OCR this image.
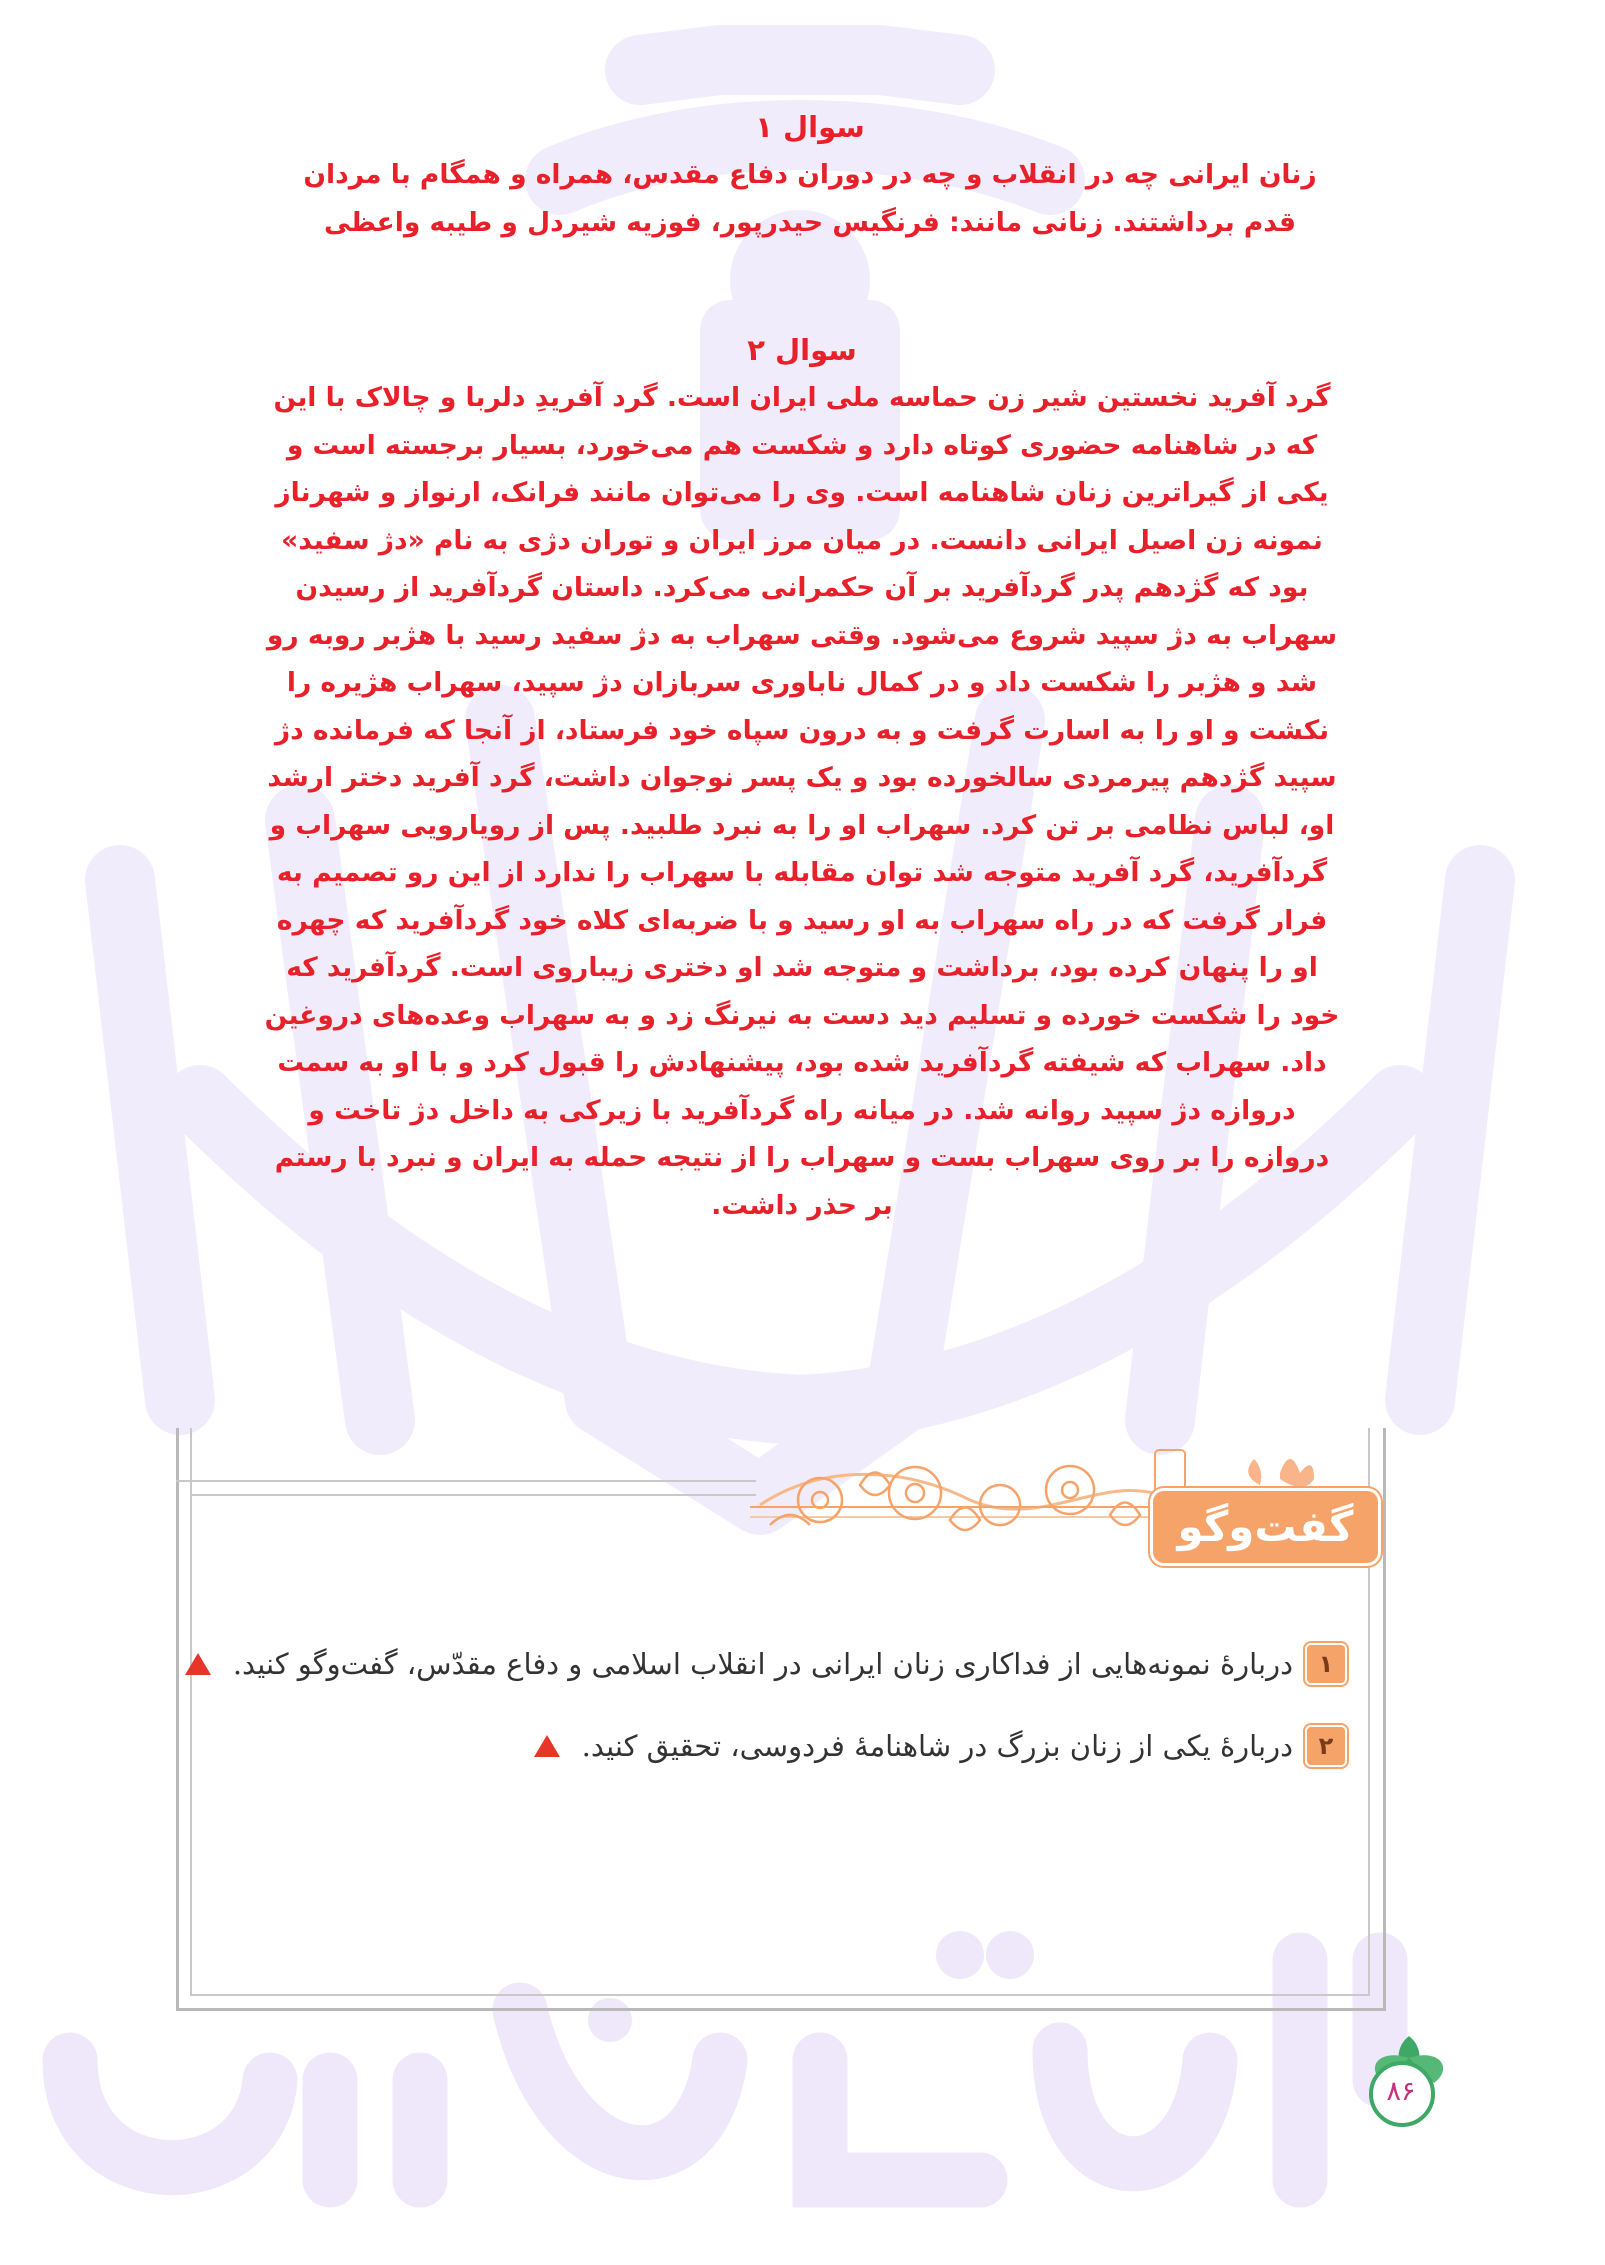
سوال ۱

زنان ایرانی چه در انقلاب و چه در دوران دفاع مقدس، همراه و همگام با مردان قدم برداشتند. زنانی مانند: فرنگیس حیدرپور، فوزیه شیردل و طیبه واعظی

سوال ۲

گرد آفرید نخستین شیر زن حماسه ملی ایران است. گرد آفریدِ دلربا و چالاک با این که در شاهنامه حضوری کوتاه دارد و شکست هم می‌خورد، بسیار برجسته است و یکی از گیراترین زنان شاهنامه است. وی را می‌توان مانند فرانک، ارنواز و شهرناز نمونه زن اصیل ایرانی دانست. در میان مرز ایران و توران دژی به نام «دژ سفید» بود که گژدهم پدر گردآفرید بر آن حکمرانی می‌کرد. داستان گردآفرید از رسیدن سهراب به دژ سپید شروع می‌شود. وقتی سهراب به دژ سفید رسید با هژبر روبه رو شد و هژبر را شکست داد و در کمال ناباوری سربازان دژ سپید، سهراب هژیره را نکشت و او را به اسارت گرفت و به درون سپاه خود فرستاد، از آنجا که فرمانده دژ سپید گژدهم پیرمردی سالخورده بود و یک پسر نوجوان داشت، گرد آفرید دختر ارشد او، لباس نظامی بر تن کرد. سهراب او را به نبرد طلبید. پس از رویارویی سهراب و گردآفرید، گرد آفرید متوجه شد توان مقابله با سهراب را ندارد از این رو تصمیم به فرار گرفت که در راه سهراب به او رسید و با ضربه‌ای کلاه خود گردآفرید که چهره او را پنهان کرده بود، برداشت و متوجه شد او دختری زیباروی است. گردآفرید که خود را شکست خورده و تسلیم دید دست به نیرنگ زد و به سهراب وعده‌های دروغین داد. سهراب که شیفته گردآفرید شده بود، پیشنهادش را قبول کرد و با او به سمت دروازه دژ سپید روانه شد. در میانه راه گردآفرید با زیرکی به داخل دژ تاخت و دروازه را بر روی سهراب بست و سهراب را از نتیجه حمله به ایران و نبرد با رستم بر حذر داشت.

گفت‌وگو
۱
دربارۀ نمونه‌هایی از فداکاری زنان ایرانی در انقلاب اسلامی و دفاع مقدّس، گفت‌وگو کنید.
۲
دربارۀ یکی از زنان بزرگ در شاهنامۀ فردوسی، تحقیق کنید.
۸۶
